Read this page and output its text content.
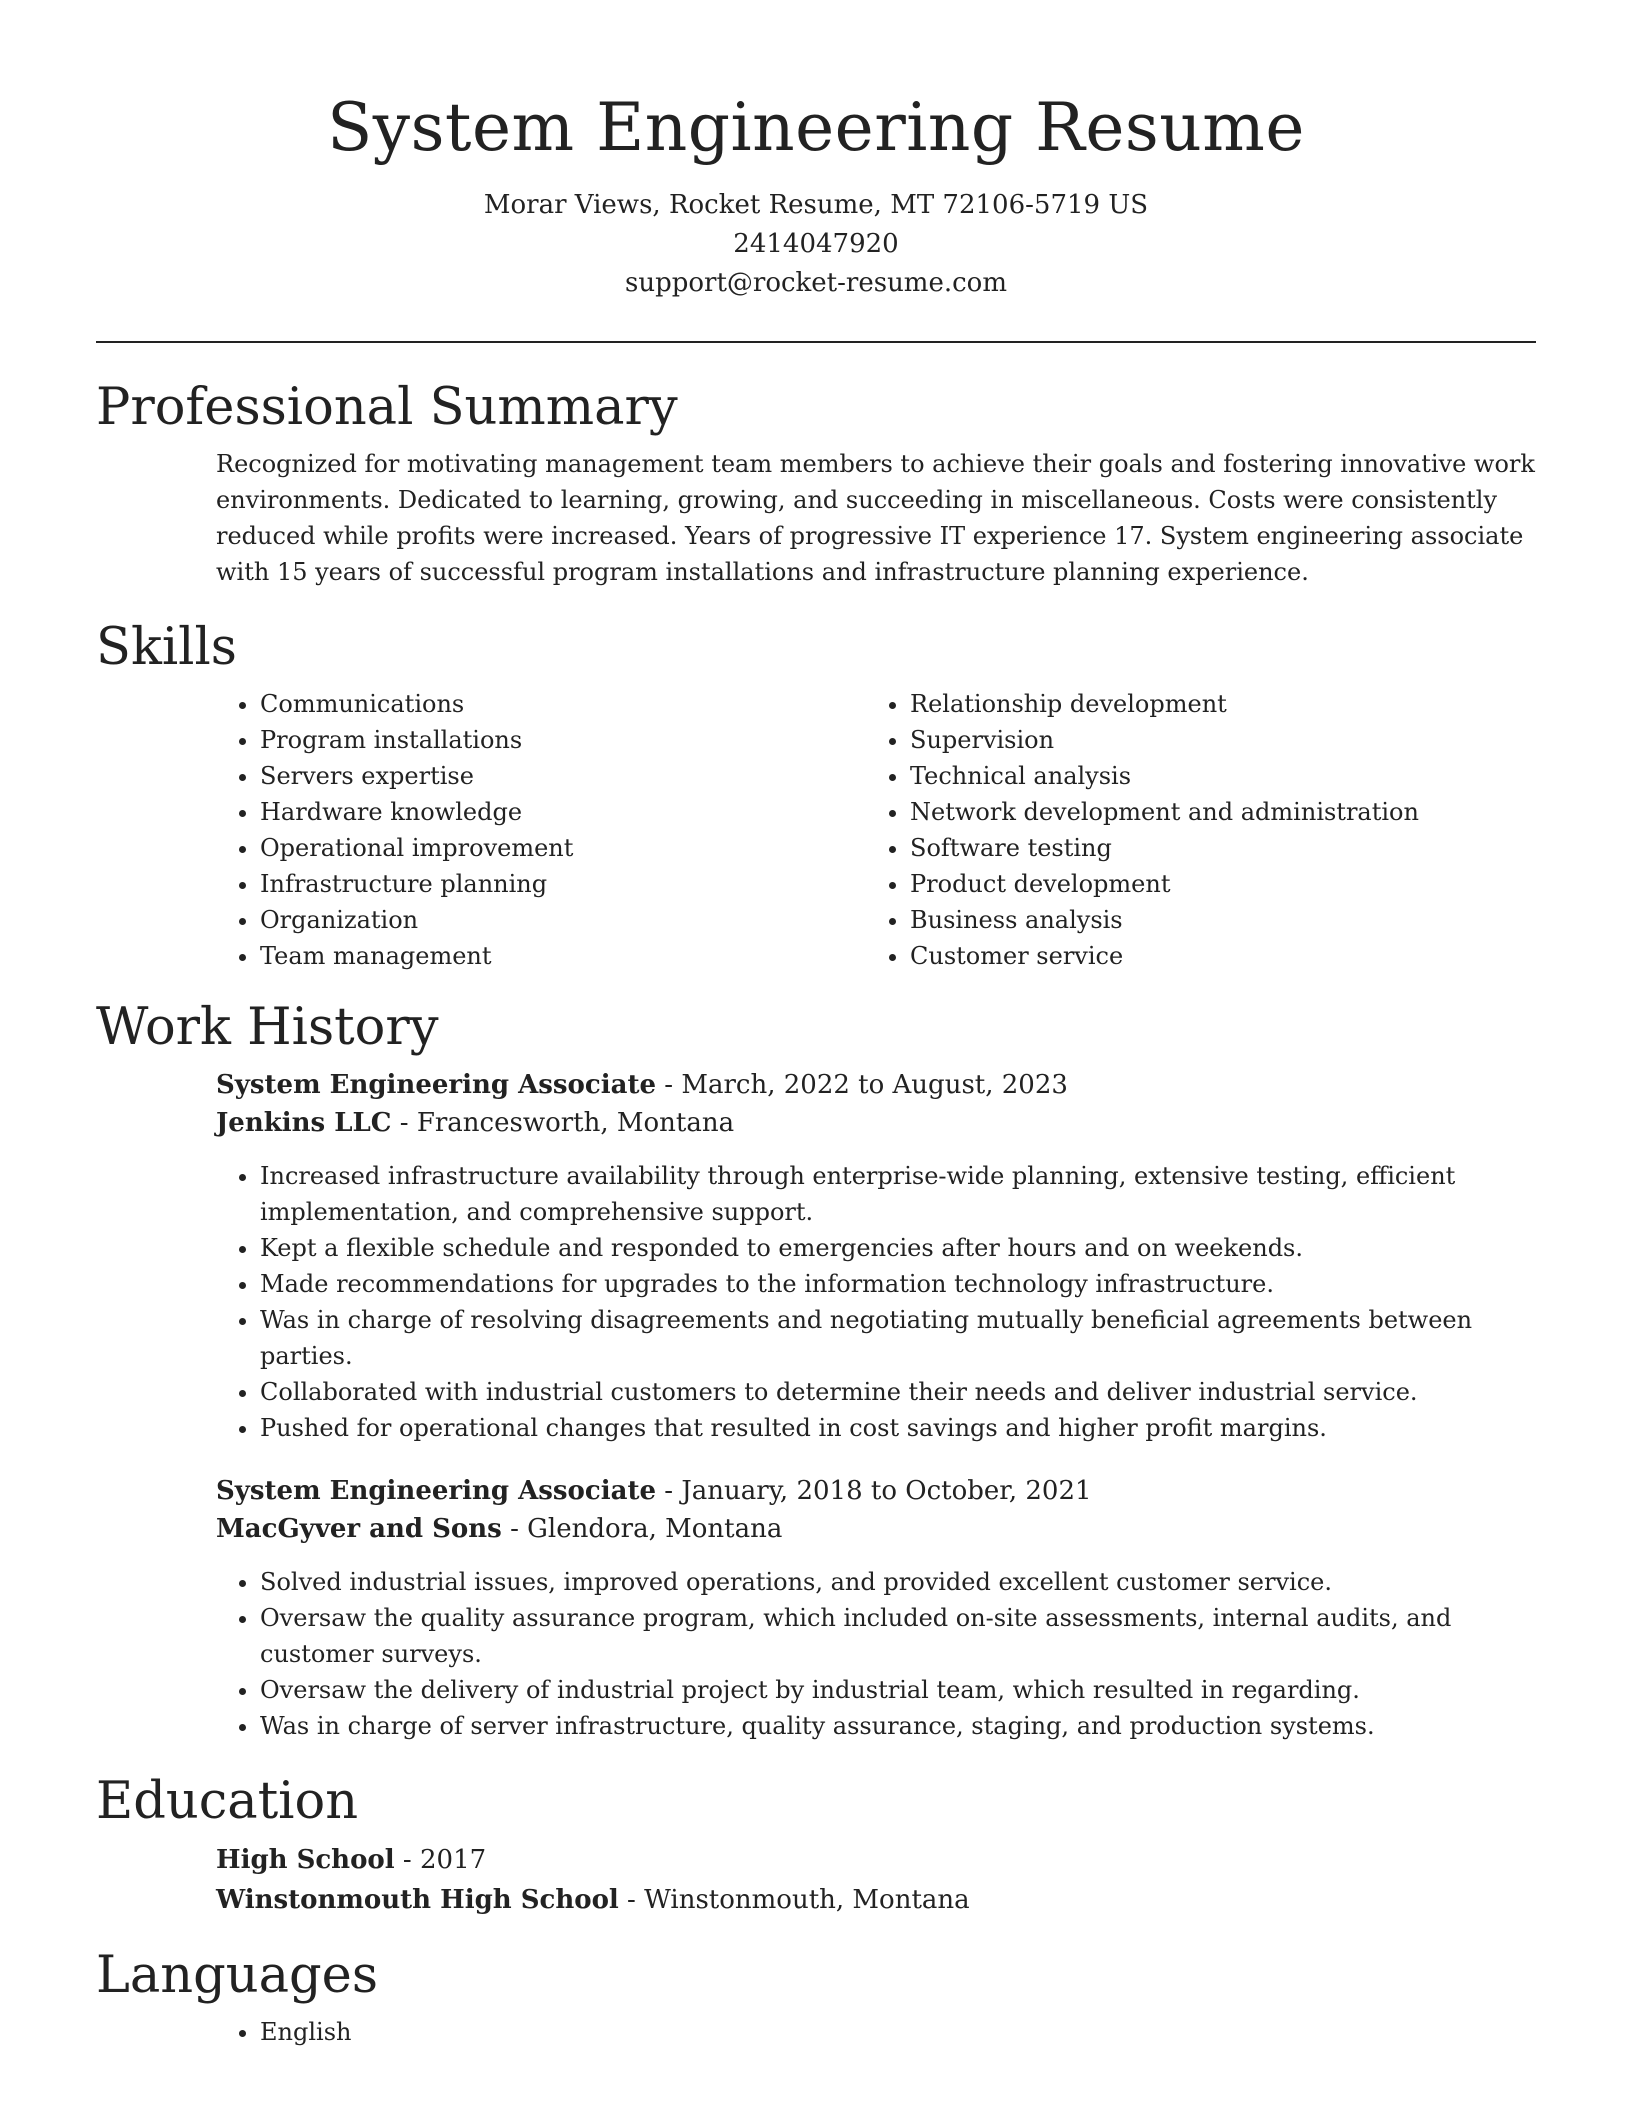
System Engineering Resume
Morar Views, Rocket Resume, MT 72106-5719 US
2414047920
support@rocket-resume.com
Professional Summary

Recognized for motivating management team members to achieve their goals and fostering innovative work environments. Dedicated to learning, growing, and succeeding in miscellaneous. Costs were consistently reduced while profits were increased. Years of progressive IT experience 17. System engineering associate with 15 years of successful program installations and infrastructure planning experience.

Skills
• Communications
• Program installations
• Servers expertise
• Hardware knowledge
• Operational improvement
• Infrastructure planning
• Organization
• Team management
• Relationship development
• Supervision
• Technical analysis
• Network development and administration
• Software testing
• Product development
• Business analysis
• Customer service
Work History
System Engineering Associate - March, 2022 to August, 2023
Jenkins LLC - Francesworth, Montana
• Increased infrastructure availability through enterprise-wide planning, extensive testing, efficient implementation, and comprehensive support.
• Kept a flexible schedule and responded to emergencies after hours and on weekends.
• Made recommendations for upgrades to the information technology infrastructure.
• Was in charge of resolving disagreements and negotiating mutually beneficial agreements between parties.
• Collaborated with industrial customers to determine their needs and deliver industrial service.
• Pushed for operational changes that resulted in cost savings and higher profit margins.
System Engineering Associate - January, 2018 to October, 2021
MacGyver and Sons - Glendora, Montana
• Solved industrial issues, improved operations, and provided excellent customer service.
• Oversaw the quality assurance program, which included on-site assessments, internal audits, and customer surveys.
• Oversaw the delivery of industrial project by industrial team, which resulted in regarding.
• Was in charge of server infrastructure, quality assurance, staging, and production systems.
Education
High School - 2017
Winstonmouth High School - Winstonmouth, Montana
Languages
• English
